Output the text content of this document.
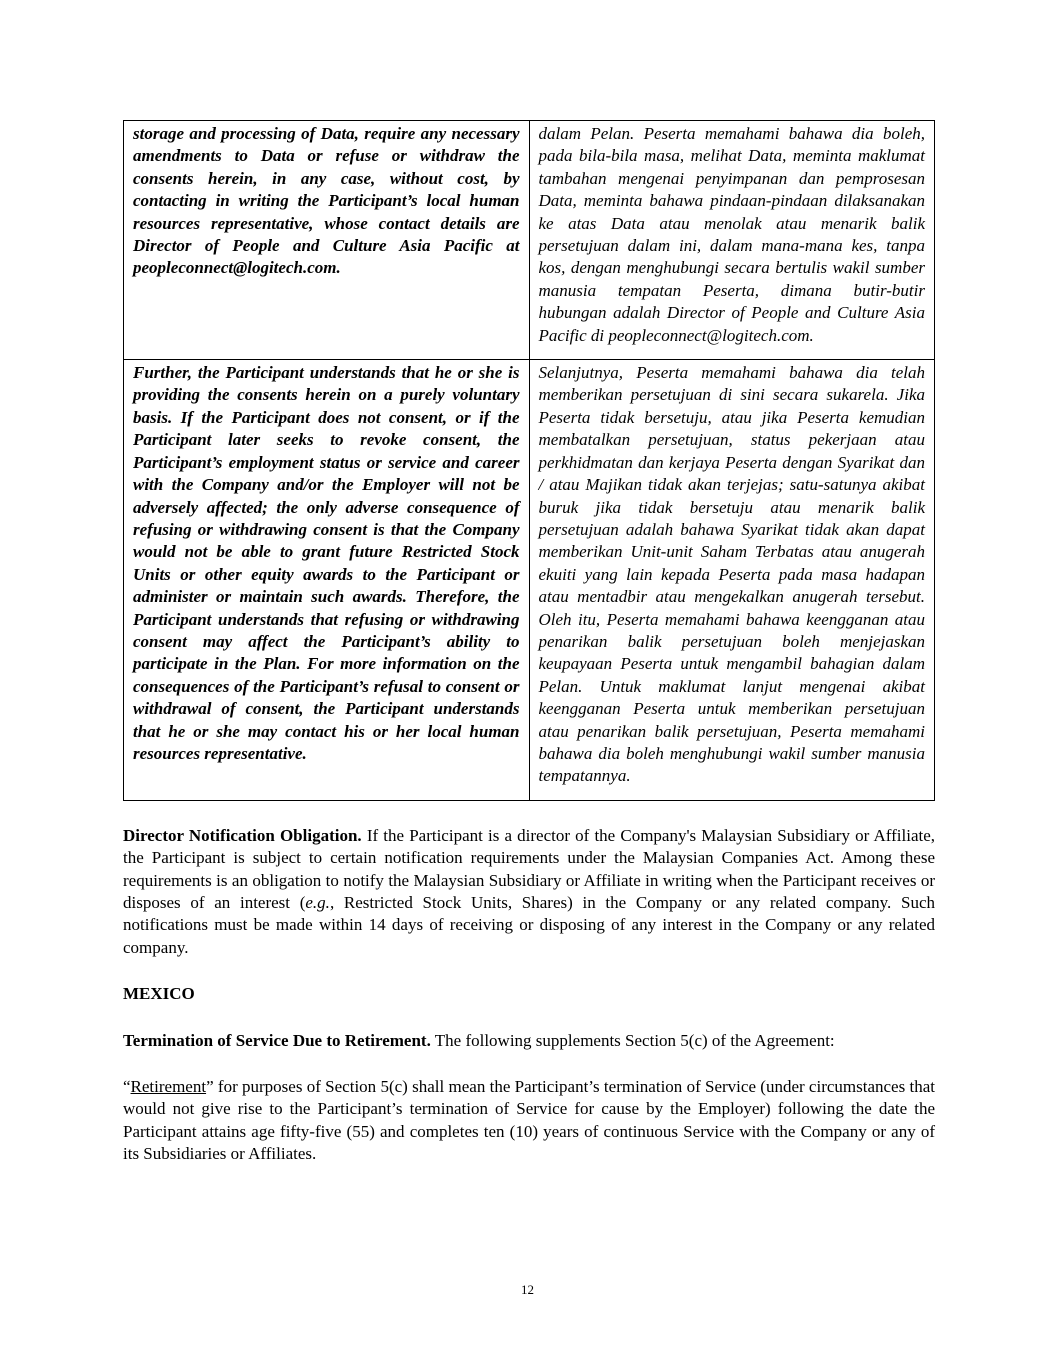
storage and processing of Data, require any necessary amendments to Data or refuse or withdraw the consents herein, in any case, without cost, by contacting in writing the Participant’s local human resources representative, whose contact details are Director of People and Culture Asia Pacific at peopleconnect@logitech.com.	dalam Pelan. Peserta memahami bahawa dia boleh, pada bila-bila masa, melihat Data, meminta maklumat tambahan mengenai penyimpanan dan pemprosesan Data, meminta bahawa pindaan-pindaan dilaksanakan ke atas Data atau menolak atau menarik balik persetujuan dalam ini, dalam mana-mana kes, tanpa kos, dengan menghubungi secara bertulis wakil sumber manusia tempatan Peserta, dimana butir-butir hubungan adalah Director of People and Culture Asia Pacific di peopleconnect@logitech.com.
Further, the Participant understands that he or she is providing the consents herein on a purely voluntary basis. If the Participant does not consent, or if the Participant later seeks to revoke consent, the Participant’s employment status or service and career with the Company and/or the Employer will not be adversely affected; the only adverse consequence of refusing or withdrawing consent is that the Company would not be able to grant future Restricted Stock Units or other equity awards to the Participant or administer or maintain such awards. Therefore, the Participant understands that refusing or withdrawing consent may affect the Participant’s ability to participate in the Plan. For more information on the consequences of the Participant’s refusal to consent or withdrawal of consent, the Participant understands that he or she may contact his or her local human resources representative.	Selanjutnya, Peserta memahami bahawa dia telah memberikan persetujuan di sini secara sukarela. Jika Peserta tidak bersetuju, atau jika Peserta kemudian membatalkan persetujuan, status pekerjaan atau perkhidmatan dan kerjaya Peserta dengan Syarikat dan / atau Majikan tidak akan terjejas; satu-satunya akibat buruk jika tidak bersetuju atau menarik balik persetujuan adalah bahawa Syarikat tidak akan dapat memberikan Unit-unit Saham Terbatas atau anugerah ekuiti yang lain kepada Peserta pada masa hadapan atau mentadbir atau mengekalkan anugerah tersebut. Oleh itu, Peserta memahami bahawa keengganan atau penarikan balik persetujuan boleh menjejaskan keupayaan Peserta untuk mengambil bahagian dalam Pelan. Untuk maklumat lanjut mengenai akibat keengganan Peserta untuk memberikan persetujuan atau penarikan balik persetujuan, Peserta memahami bahawa dia boleh menghubungi wakil sumber manusia tempatannya.

Director Notification Obligation. If the Participant is a director of the Company's Malaysian Subsidiary or Affiliate, the Participant is subject to certain notification requirements under the Malaysian Companies Act. Among these requirements is an obligation to notify the Malaysian Subsidiary or Affiliate in writing when the Participant receives or disposes of an interest (e.g., Restricted Stock Units, Shares) in the Company or any related company. Such notifications must be made within 14 days of receiving or disposing of any interest in the Company or any related company.

MEXICO

Termination of Service Due to Retirement. The following supplements Section 5(c) of the Agreement:

“Retirement” for purposes of Section 5(c) shall mean the Participant’s termination of Service (under circumstances that would not give rise to the Participant’s termination of Service for cause by the Employer) following the date the Participant attains age fifty-five (55) and completes ten (10) years of continuous Service with the Company or any of its Subsidiaries or Affiliates.

12
